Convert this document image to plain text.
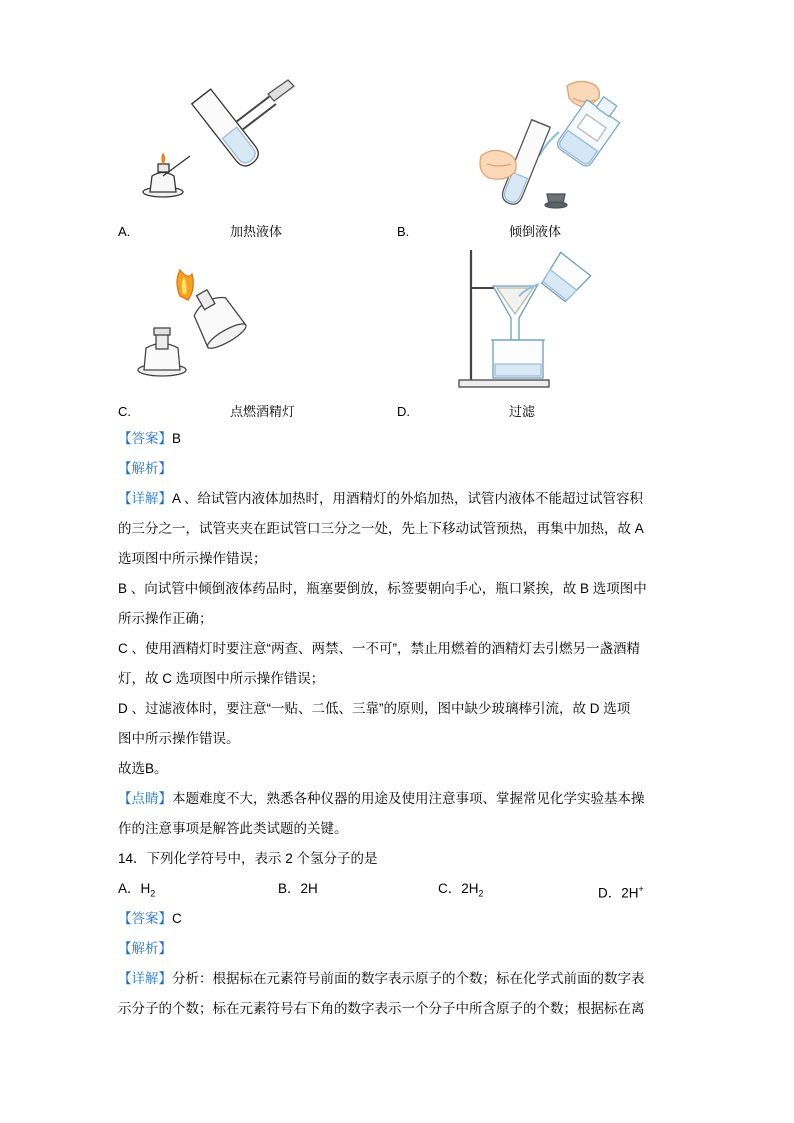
A.	加热液体	B.	倾倒液体
C.	点燃酒精灯	D.	过滤
【答案】B
【解析】

【详解】A 、给试管内液体加热时，用酒精灯的外焰加热，试管内液体不能超过试管容积
的三分之一，试管夹夹在距试管口三分之一处，先上下移动试管预热，再集中加热，故 A
选项图中所示操作错误；

B 、向试管中倾倒液体药品时，瓶塞要倒放，标签要朝向手心，瓶口紧挨，故 B 选项图中
所示操作正确；

C 、使用酒精灯时要注意“两查、两禁、一不可”，禁止用燃着的酒精灯去引燃另一盏酒精
灯，故 C 选项图中所示操作错误；

D 、过滤液体时，要注意“一贴、二低、三靠”的原则，图中缺少玻璃棒引流，故 D 选项
图中所示操作错误。

故选B。

【点睛】本题难度不大，熟悉各种仪器的用途及使用注意事项、掌握常见化学实验基本操
作的注意事项是解答此类试题的关键。

14．下列化学符号中，表示 2 个氢分子的是

A．$H_2$	B．2H	C．$2H_2$	D．2H+
【答案】C
【解析】

【详解】分析：根据标在元素符号前面的数字表示原子的个数；标在化学式前面的数字表
示分子的个数；标在元素符号右下角的数字表示一个分子中所含原子的个数；根据标在离
